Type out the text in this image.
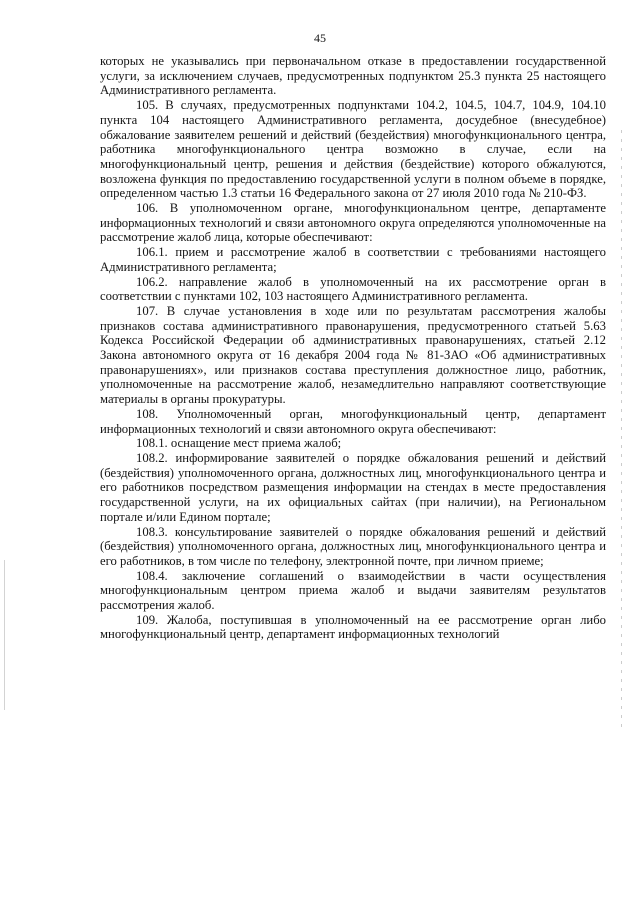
45

которых не указывались при первоначальном отказе в предоставлении государственной услуги, за исключением случаев, предусмотренных подпунктом 25.3 пункта 25 настоящего Административного регламента.

105. В случаях, предусмотренных подпунктами 104.2, 104.5, 104.7, 104.9, 104.10 пункта 104 настоящего Административного регламента, досудебное (внесудебное) обжалование заявителем решений и действий (бездействия) многофункционального центра, работника многофункционального центра возможно в случае, если на многофункциональный центр, решения и действия (бездействие) которого обжалуются, возложена функция по предоставлению государственной услуги в полном объеме в порядке, определенном частью 1.3 статьи 16 Федерального закона от 27 июля 2010 года № 210-ФЗ.

106. В уполномоченном органе, многофункциональном центре, департаменте информационных технологий и связи автономного округа определяются уполномоченные на рассмотрение жалоб лица, которые обеспечивают:

106.1. прием и рассмотрение жалоб в соответствии с требованиями настоящего Административного регламента;

106.2. направление жалоб в уполномоченный на их рассмотрение орган в соответствии с пунктами 102, 103 настоящего Административного регламента.

107. В случае установления в ходе или по результатам рассмотрения жалобы признаков состава административного правонарушения, предусмотренного статьей 5.63 Кодекса Российской Федерации об административных правонарушениях, статьей 2.12 Закона автономного округа от 16 декабря 2004 года № 81-ЗАО «Об административных правонарушениях», или признаков состава преступления должностное лицо, работник, уполномоченные на рассмотрение жалоб, незамедлительно направляют соответствующие материалы в органы прокуратуры.

108. Уполномоченный орган, многофункциональный центр, департамент информационных технологий и связи автономного округа обеспечивают:

108.1. оснащение мест приема жалоб;

108.2. информирование заявителей о порядке обжалования решений и действий (бездействия) уполномоченного органа, должностных лиц, многофункционального центра и его работников посредством размещения информации на стендах в месте предоставления государственной услуги, на их официальных сайтах (при наличии), на Региональном портале и/или Едином портале;

108.3. консультирование заявителей о порядке обжалования решений и действий (бездействия) уполномоченного органа, должностных лиц, многофункционального центра и его работников, в том числе по телефону, электронной почте, при личном приеме;

108.4. заключение соглашений о взаимодействии в части осуществления многофункциональным центром приема жалоб и выдачи заявителям результатов рассмотрения жалоб.

109. Жалоба, поступившая в уполномоченный на ее рассмотрение орган либо многофункциональный центр, департамент информационных технологий
